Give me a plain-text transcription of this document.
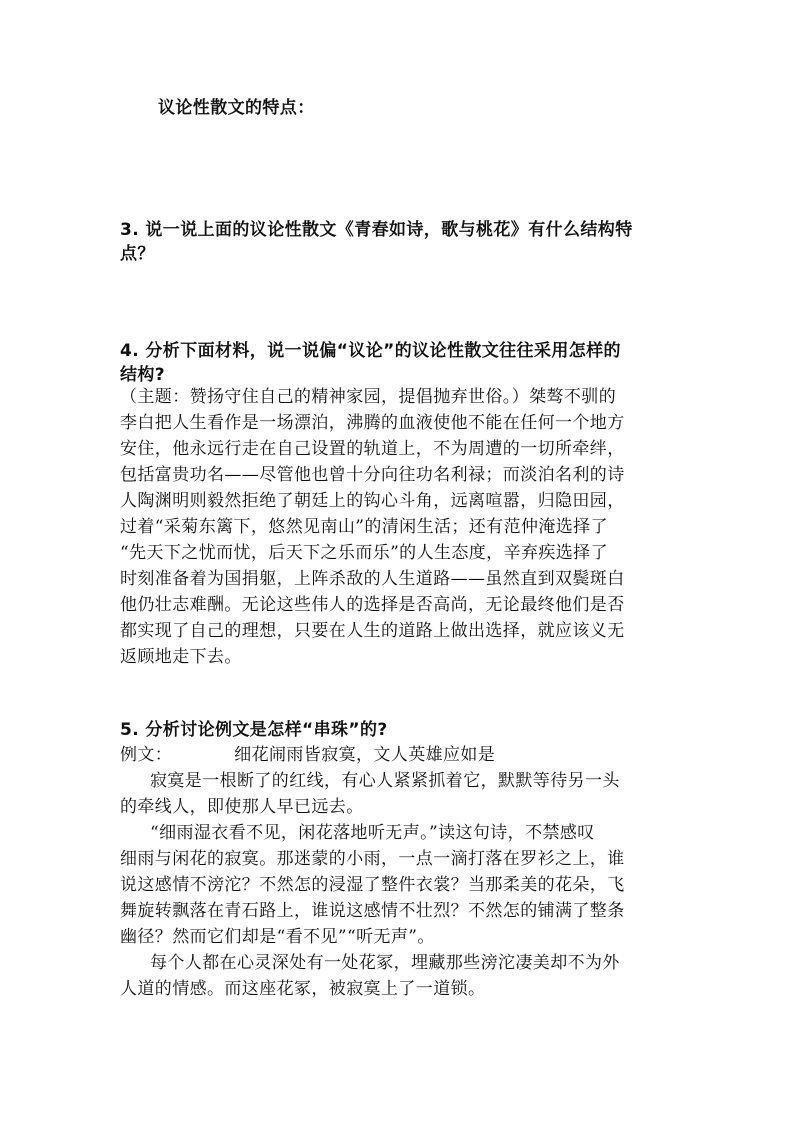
议论性散文的特点：
3. 说一说上面的议论性散文《青春如诗，歌与桃花》有什么结构特
点？
4. 分析下面材料，说一说偏“议论”的议论性散文往往采用怎样的
结构?
（主题：赞扬守住自己的精神家园，提倡抛弃世俗。）桀骜不驯的
李白把人生看作是一场漂泊，沸腾的血液使他不能在任何一个地方
安住，他永远行走在自己设置的轨道上，不为周遭的一切所牵绊，
包括富贵功名——尽管他也曾十分向往功名利禄；而淡泊名利的诗
人陶渊明则毅然拒绝了朝廷上的钩心斗角，远离喧嚣，归隐田园，
过着“采菊东篱下，悠然见南山”的清闲生活；还有范仲淹选择了
“先天下之忧而忧，后天下之乐而乐”的人生态度，辛弃疾选择了
时刻准备着为国捐躯，上阵杀敌的人生道路——虽然直到双鬓斑白
他仍壮志难酬。无论这些伟人的选择是否高尚，无论最终他们是否
都实现了自己的理想，只要在人生的道路上做出选择，就应该义无
返顾地走下去。
5. 分析讨论例文是怎样“串珠”的?
例文：	细花闹雨皆寂寞，文人英雄应如是
寂寞是一根断了的红线，有心人紧紧抓着它，默默等待另一头
的牵线人，即使那人早已远去。
“细雨湿衣看不见，闲花落地听无声。”读这句诗，不禁感叹
细雨与闲花的寂寞。那迷蒙的小雨，一点一滴打落在罗衫之上，谁
说这感情不滂沱？不然怎的浸湿了整件衣裳？当那柔美的花朵，飞
舞旋转飘落在青石路上，谁说这感情不壮烈？不然怎的铺满了整条
幽径？然而它们却是“看不见”“听无声”。
每个人都在心灵深处有一处花冢，埋藏那些滂沱凄美却不为外
人道的情感。而这座花冢，被寂寞上了一道锁。
